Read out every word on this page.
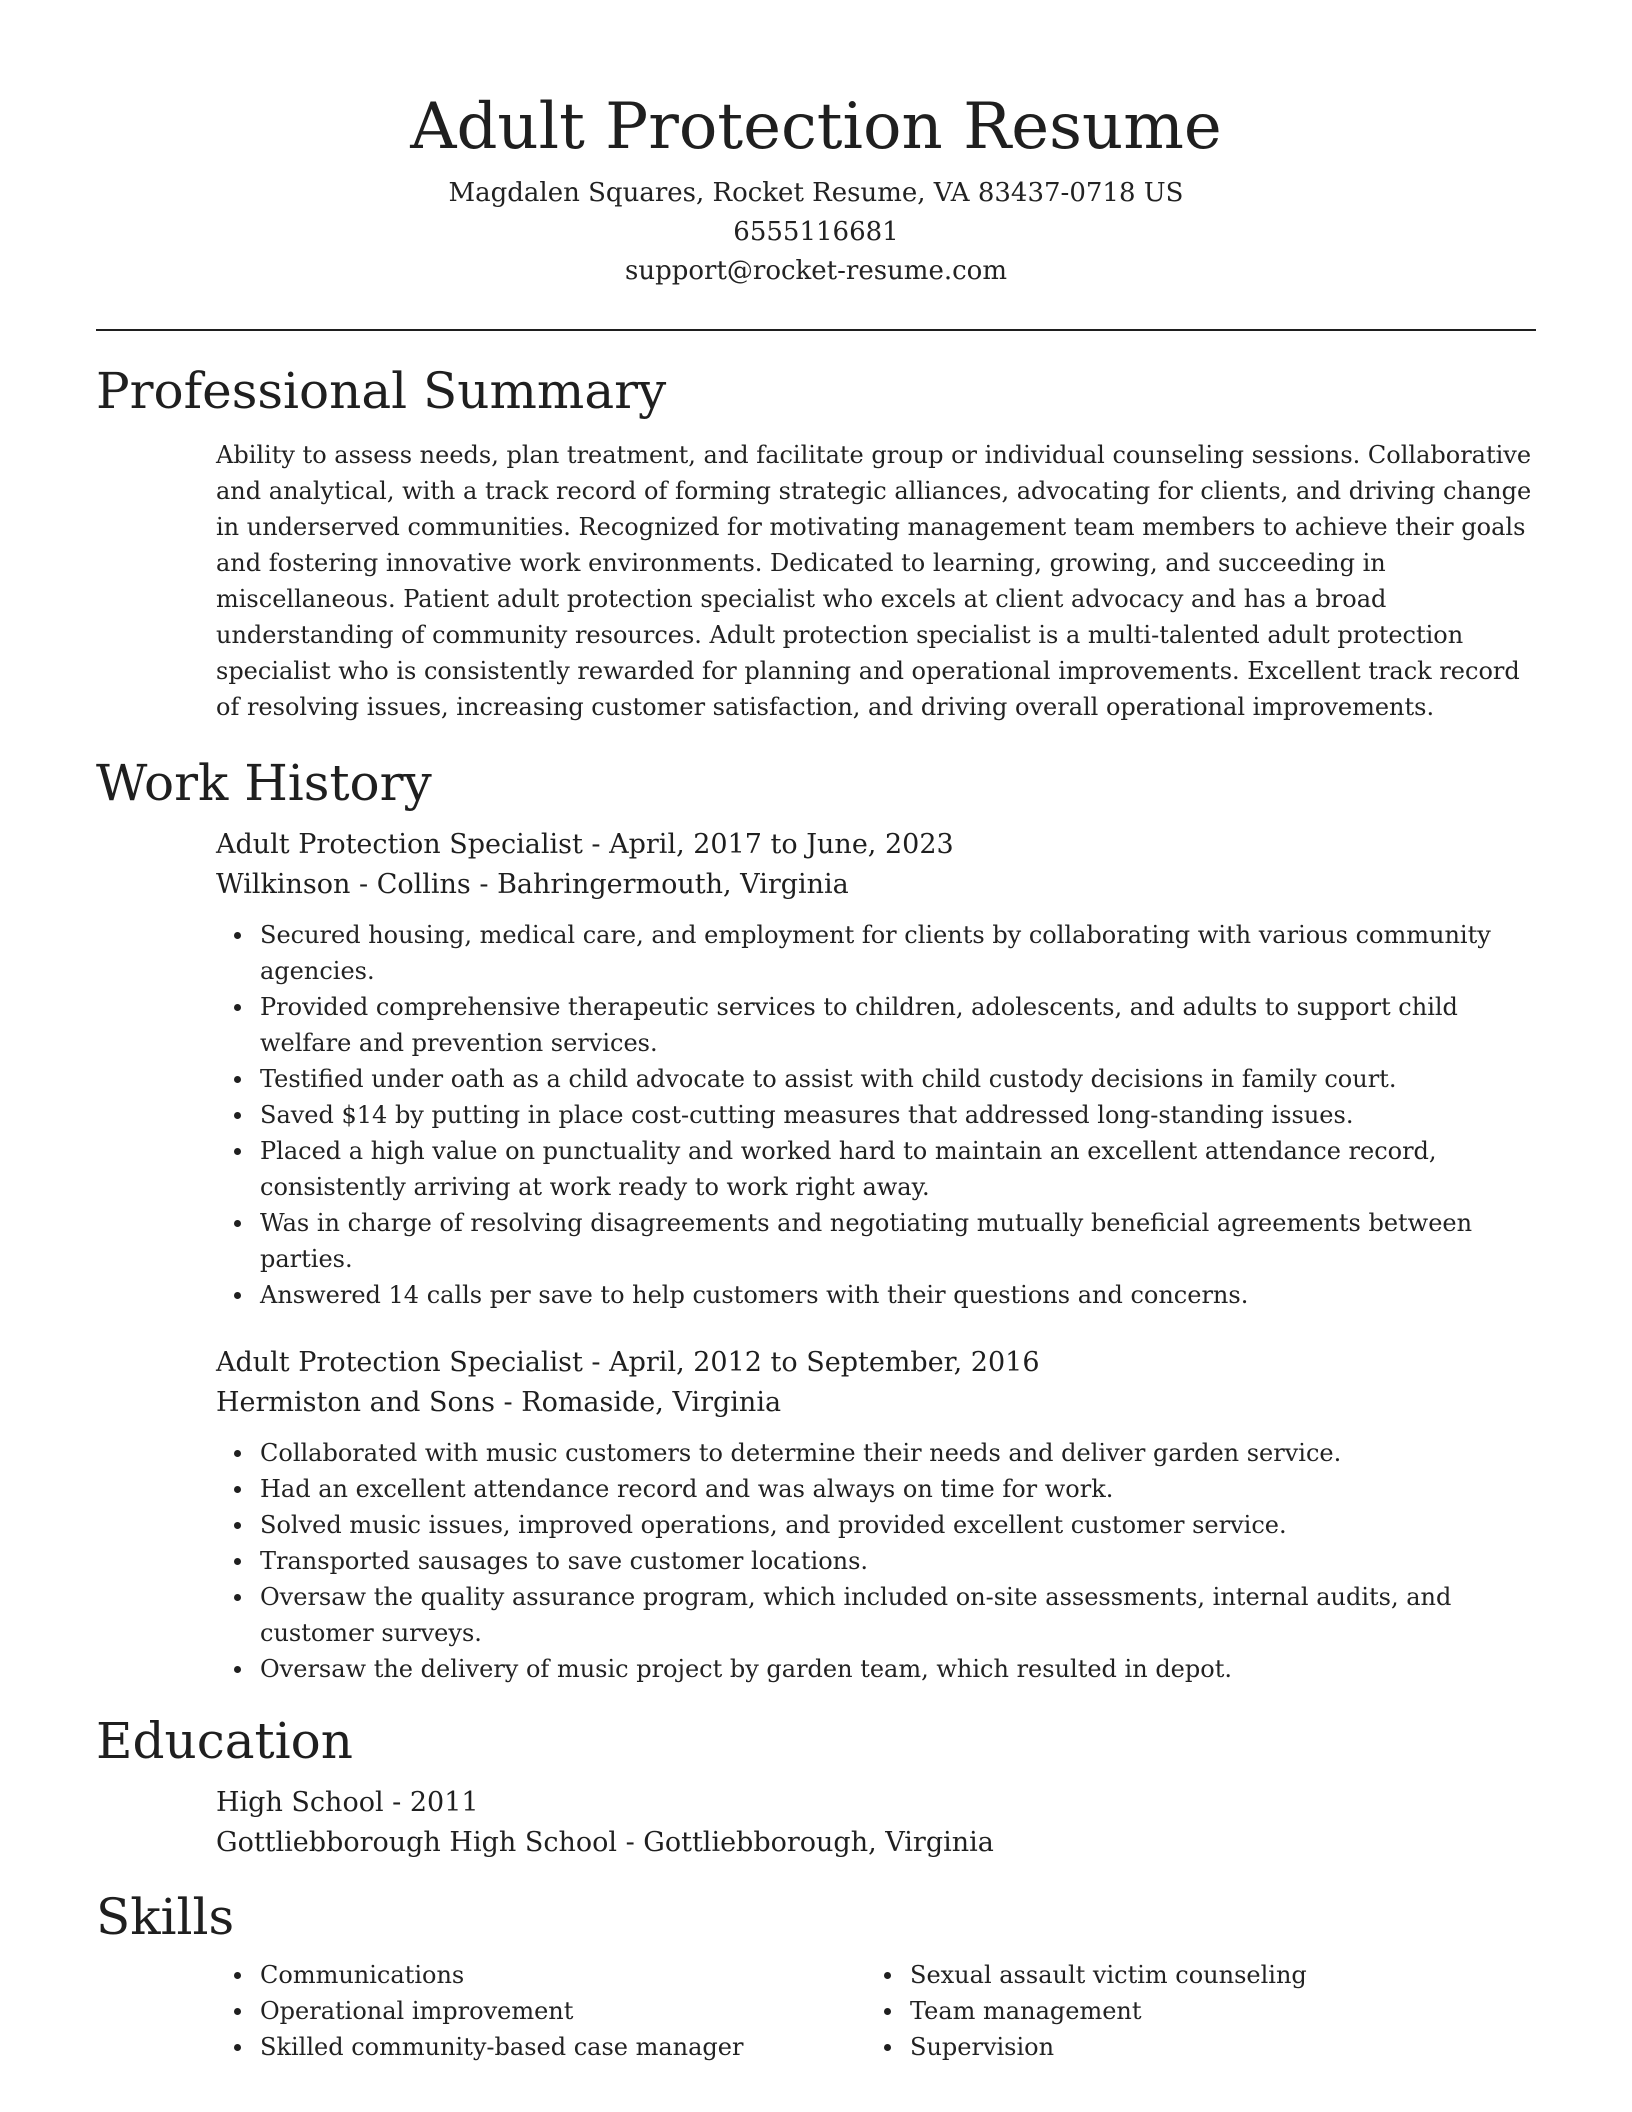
Adult Protection Resume
Magdalen Squares, Rocket Resume, VA 83437-0718 US
6555116681
support@rocket-resume.com
Professional Summary

Ability to assess needs, plan treatment, and facilitate group or individual counseling sessions. Collaborative and analytical, with a track record of forming strategic alliances, advocating for clients, and driving change in underserved communities. Recognized for motivating management team members to achieve their goals and fostering innovative work environments. Dedicated to learning, growing, and succeeding in miscellaneous. Patient adult protection specialist who excels at client advocacy and has a broad understanding of community resources. Adult protection specialist is a multi-talented adult protection specialist who is consistently rewarded for planning and operational improvements. Excellent track record of resolving issues, increasing customer satisfaction, and driving overall operational improvements.

Work History
Adult Protection Specialist - April, 2017 to June, 2023
Wilkinson - Collins - Bahringermouth, Virginia
Secured housing, medical care, and employment for clients by collaborating with various community agencies.
Provided comprehensive therapeutic services to children, adolescents, and adults to support child welfare and prevention services.
Testified under oath as a child advocate to assist with child custody decisions in family court.
Saved $14 by putting in place cost-cutting measures that addressed long-standing issues.
Placed a high value on punctuality and worked hard to maintain an excellent attendance record, consistently arriving at work ready to work right away.
Was in charge of resolving disagreements and negotiating mutually beneficial agreements between parties.
Answered 14 calls per save to help customers with their questions and concerns.
Adult Protection Specialist - April, 2012 to September, 2016
Hermiston and Sons - Romaside, Virginia
Collaborated with music customers to determine their needs and deliver garden service.
Had an excellent attendance record and was always on time for work.
Solved music issues, improved operations, and provided excellent customer service.
Transported sausages to save customer locations.
Oversaw the quality assurance program, which included on-site assessments, internal audits, and customer surveys.
Oversaw the delivery of music project by garden team, which resulted in depot.
Education
High School - 2011
Gottliebborough High School - Gottliebborough, Virginia
Skills
Communications
Operational improvement
Skilled community-based case manager
Sexual assault victim counseling
Team management
Supervision
